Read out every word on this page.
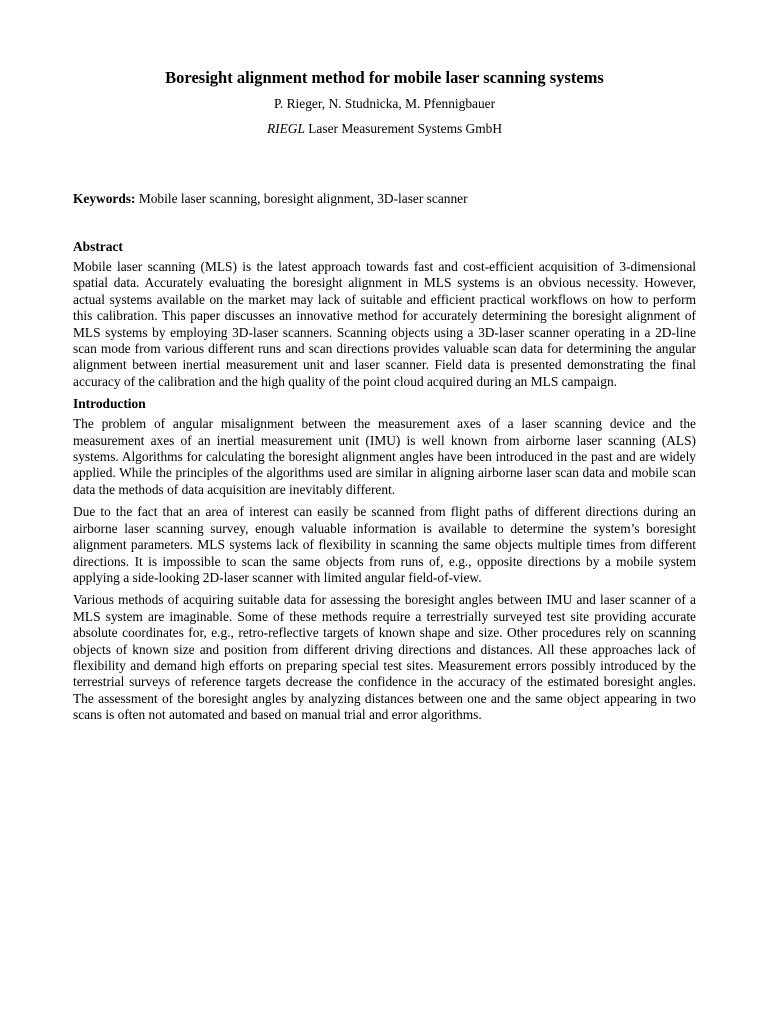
Boresight alignment method for mobile laser scanning systems
P. Rieger, N. Studnicka, M. Pfennigbauer
RIEGL Laser Measurement Systems GmbH
Keywords: Mobile laser scanning, boresight alignment, 3D-laser scanner
Abstract

Mobile laser scanning (MLS) is the latest approach towards fast and cost-efficient acquisition of 3-dimensional spatial data. Accurately evaluating the boresight alignment in MLS systems is an obvious necessity. However, actual systems available on the market may lack of suitable and efficient practical workflows on how to perform this calibration. This paper discusses an innovative method for accurately determining the boresight alignment of MLS systems by employing 3D-laser scanners. Scanning objects using a 3D-laser scanner operating in a 2D-line scan mode from various different runs and scan directions provides valuable scan data for determining the angular alignment between inertial measurement unit and laser scanner. Field data is presented demonstrating the final accuracy of the calibration and the high quality of the point cloud acquired during an MLS campaign.

Introduction

The problem of angular misalignment between the measurement axes of a laser scanning device and the measurement axes of an inertial measurement unit (IMU) is well known from airborne laser scanning (ALS) systems. Algorithms for calculating the boresight alignment angles have been introduced in the past and are widely applied. While the principles of the algorithms used are similar in aligning airborne laser scan data and mobile scan data the methods of data acquisition are inevitably different.

Due to the fact that an area of interest can easily be scanned from flight paths of different directions during an airborne laser scanning survey, enough valuable information is available to determine the system’s boresight alignment parameters. MLS systems lack of flexibility in scanning the same objects multiple times from different directions. It is impossible to scan the same objects from runs of, e.g., opposite directions by a mobile system applying a side-looking 2D-laser scanner with limited angular field-of-view.

Various methods of acquiring suitable data for assessing the boresight angles between IMU and laser scanner of a MLS system are imaginable. Some of these methods require a terrestrially surveyed test site providing accurate absolute coordinates for, e.g., retro-reflective targets of known shape and size. Other procedures rely on scanning objects of known size and position from different driving directions and distances. All these approaches lack of flexibility and demand high efforts on preparing special test sites. Measurement errors possibly introduced by the terrestrial surveys of reference targets decrease the confidence in the accuracy of the estimated boresight angles. The assessment of the boresight angles by analyzing distances between one and the same object appearing in two scans is often not automated and based on manual trial and error algorithms.
